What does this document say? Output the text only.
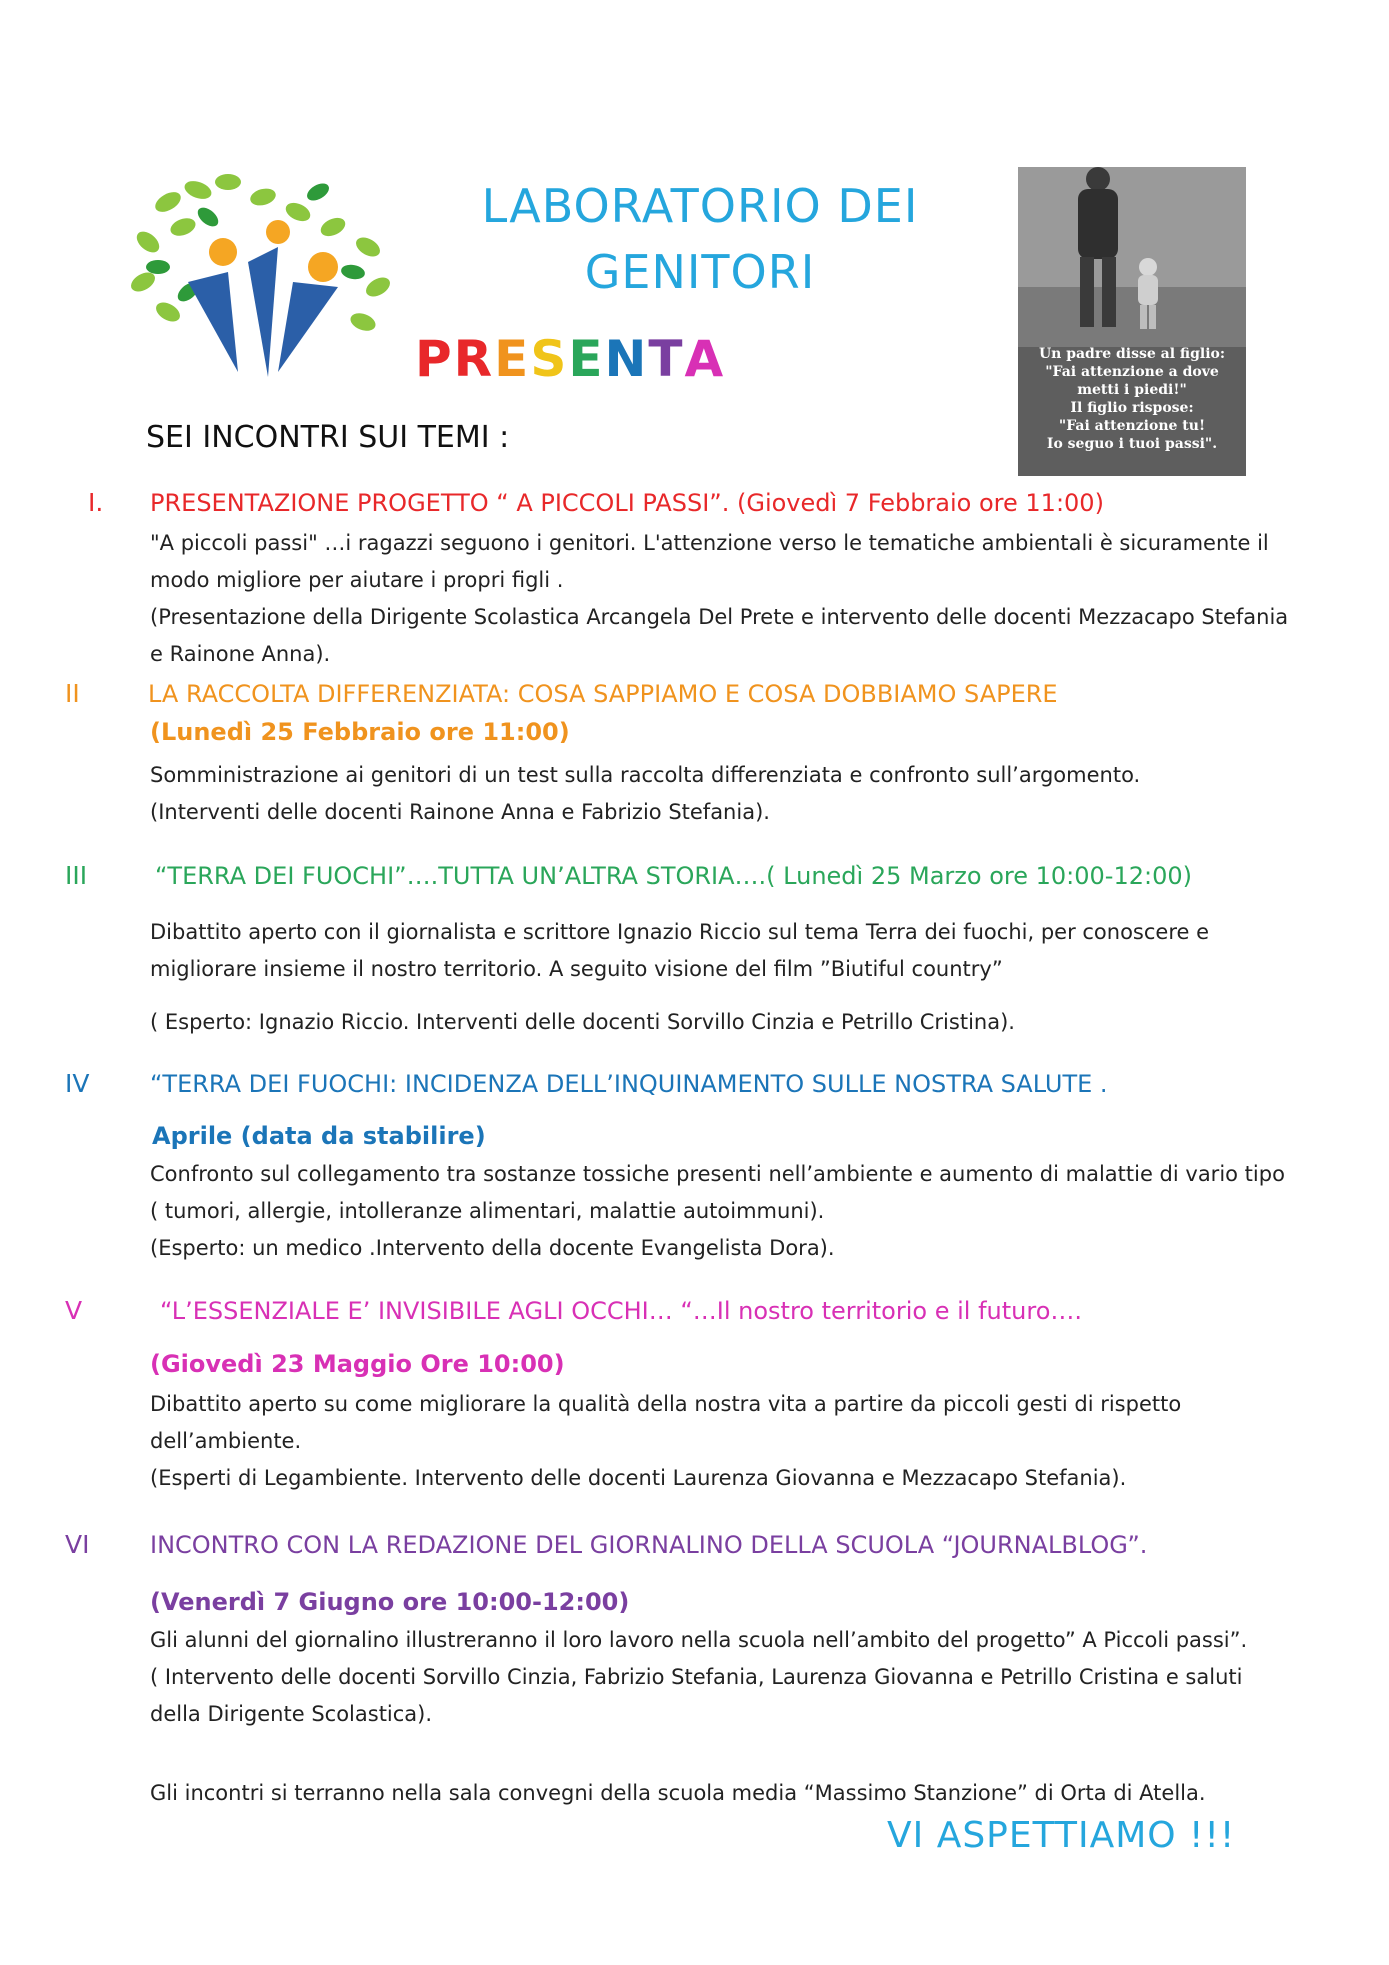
LABORATORIO DEI
GENITORI
PRESENTA
SEI INCONTRI SUI TEMI :
Un padre disse al figlio:
"Fai attenzione a dove
metti i piedi!"
Il figlio rispose:
"Fai attenzione tu!
Io seguo i tuoi passi".
I. PRESENTAZIONE PROGETTO “ A PICCOLI PASSI”. (Giovedì 7 Febbraio ore 11:00)
"A piccoli passi" …i ragazzi seguono i genitori. L'attenzione verso le tematiche ambientali è sicuramente il
modo migliore per aiutare i propri figli .
(Presentazione della Dirigente Scolastica Arcangela Del Prete e intervento delle docenti Mezzacapo Stefania
e Rainone Anna).
II	LA RACCOLTA DIFFERENZIATA: COSA SAPPIAMO E COSA DOBBIAMO SAPERE
(Lunedì 25 Febbraio ore 11:00)
Somministrazione ai genitori di un test sulla raccolta differenziata e confronto sull’argomento.
(Interventi delle docenti Rainone Anna e Fabrizio Stefania).
III	“TERRA DEI FUOCHI”….TUTTA UN’ALTRA STORIA….( Lunedì 25 Marzo ore 10:00-12:00)
Dibattito aperto con il giornalista e scrittore Ignazio Riccio sul tema Terra dei fuochi, per conoscere e
migliorare insieme il nostro territorio. A seguito visione del film ”Biutiful country”
( Esperto: Ignazio Riccio. Interventi delle docenti Sorvillo Cinzia e Petrillo Cristina).
IV	“TERRA DEI FUOCHI: INCIDENZA DELL’INQUINAMENTO SULLE NOSTRA SALUTE .
Aprile (data da stabilire)
Confronto sul collegamento tra sostanze tossiche presenti nell’ambiente e aumento di malattie di vario tipo
( tumori, allergie, intolleranze alimentari, malattie autoimmuni).
(Esperto: un medico .Intervento della docente Evangelista Dora).
V	“L’ESSENZIALE E’ INVISIBILE AGLI OCCHI… “…Il nostro territorio e il futuro….
(Giovedì 23 Maggio Ore 10:00)
Dibattito aperto su come migliorare la qualità della nostra vita a partire da piccoli gesti di rispetto
dell’ambiente.
(Esperti di Legambiente. Intervento delle docenti Laurenza Giovanna e Mezzacapo Stefania).
VI	INCONTRO CON LA REDAZIONE DEL GIORNALINO DELLA SCUOLA “JOURNALBLOG”.
(Venerdì 7 Giugno ore 10:00-12:00)
Gli alunni del giornalino illustreranno il loro lavoro nella scuola nell’ambito del progetto” A Piccoli passi”.
( Intervento delle docenti Sorvillo Cinzia, Fabrizio Stefania, Laurenza Giovanna e Petrillo Cristina e saluti
della Dirigente Scolastica).
Gli incontri si terranno nella sala convegni della scuola media “Massimo Stanzione” di Orta di Atella.
VI ASPETTIAMO !!!
